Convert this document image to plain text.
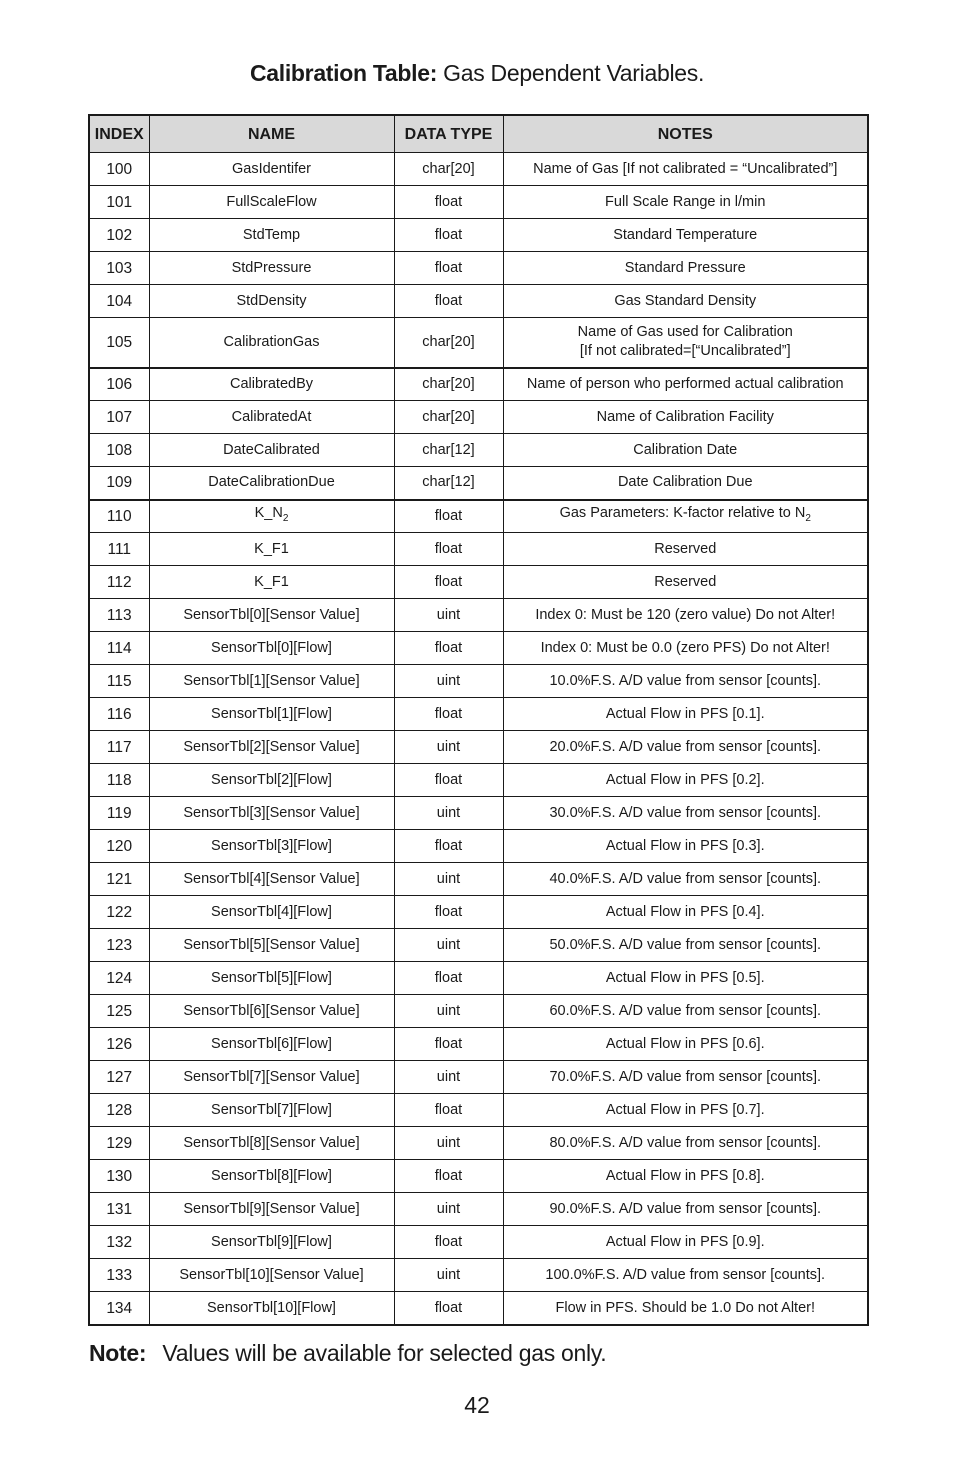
Calibration Table: Gas Dependent Variables.
INDEX	NAME	DATA TYPE	NOTES
100	GasIdentifer	char[20]	Name of Gas [If not calibrated = “Uncalibrated”]
101	FullScaleFlow	float	Full Scale Range in l/min
102	StdTemp	float	Standard Temperature
103	StdPressure	float	Standard Pressure
104	StdDensity	float	Gas Standard Density
105	CalibrationGas	char[20]	Name of Gas used for Calibration
[If not calibrated=[“Uncalibrated”]
106	CalibratedBy	char[20]	Name of person who performed actual calibration
107	CalibratedAt	char[20]	Name of Calibration Facility
108	DateCalibrated	char[12]	Calibration Date
109	DateCalibrationDue	char[12]	Date Calibration Due
110	$K\_N_2$	float	Gas Parameters: K-factor relative to $N_2$
111	K_F1	float	Reserved
112	K_F1	float	Reserved
113	SensorTbl[0][Sensor Value]	uint	Index 0: Must be 120 (zero value) Do not Alter!
114	SensorTbl[0][Flow]	float	Index 0: Must be 0.0 (zero PFS) Do not Alter!
115	SensorTbl[1][Sensor Value]	uint	10.0%F.S. A/D value from sensor [counts].
116	SensorTbl[1][Flow]	float	Actual Flow in PFS [0.1].
117	SensorTbl[2][Sensor Value]	uint	20.0%F.S. A/D value from sensor [counts].
118	SensorTbl[2][Flow]	float	Actual Flow in PFS [0.2].
119	SensorTbl[3][Sensor Value]	uint	30.0%F.S. A/D value from sensor [counts].
120	SensorTbl[3][Flow]	float	Actual Flow in PFS [0.3].
121	SensorTbl[4][Sensor Value]	uint	40.0%F.S. A/D value from sensor [counts].
122	SensorTbl[4][Flow]	float	Actual Flow in PFS [0.4].
123	SensorTbl[5][Sensor Value]	uint	50.0%F.S. A/D value from sensor [counts].
124	SensorTbl[5][Flow]	float	Actual Flow in PFS [0.5].
125	SensorTbl[6][Sensor Value]	uint	60.0%F.S. A/D value from sensor [counts].
126	SensorTbl[6][Flow]	float	Actual Flow in PFS [0.6].
127	SensorTbl[7][Sensor Value]	uint	70.0%F.S. A/D value from sensor [counts].
128	SensorTbl[7][Flow]	float	Actual Flow in PFS [0.7].
129	SensorTbl[8][Sensor Value]	uint	80.0%F.S. A/D value from sensor [counts].
130	SensorTbl[8][Flow]	float	Actual Flow in PFS [0.8].
131	SensorTbl[9][Sensor Value]	uint	90.0%F.S. A/D value from sensor [counts].
132	SensorTbl[9][Flow]	float	Actual Flow in PFS [0.9].
133	SensorTbl[10][Sensor Value]	uint	100.0%F.S. A/D value from sensor [counts].
134	SensorTbl[10][Flow]	float	Flow in PFS. Should be 1.0 Do not Alter!
Note: Values will be available for selected gas only.
42
